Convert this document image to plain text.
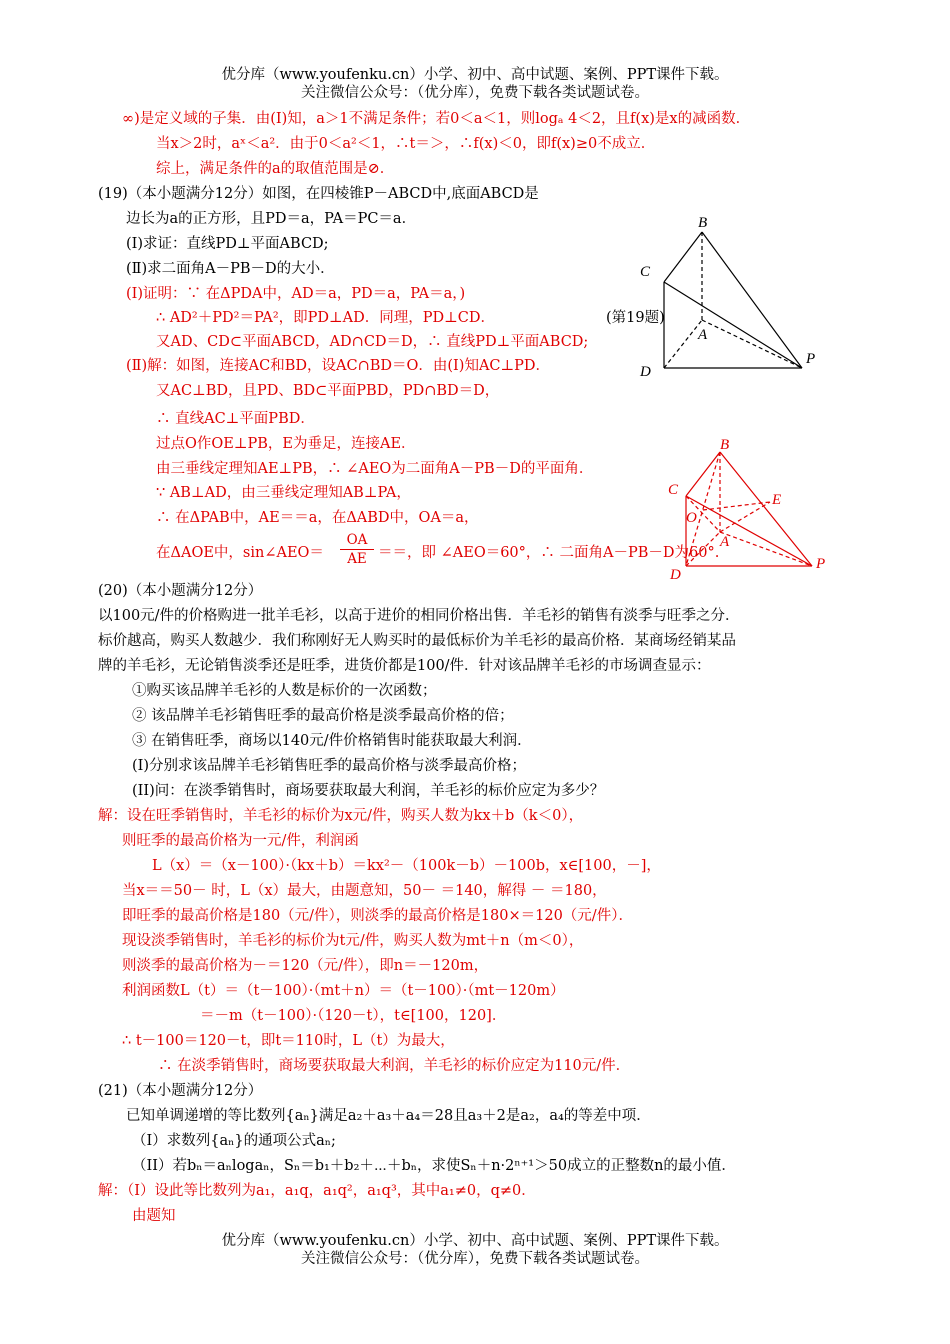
优分库（www.youfenku.cn）小学、初中、高中试题、案例、PPT课件下载。
关注微信公众号：（优分库），免费下载各类试题试卷。
∞)是定义域的子集．由(I)知，a＞1不满足条件；若0＜a＜1，则logₐ 4＜2，且f(x)是x的减函数．
当x＞2时，aˣ＜a²．由于0＜a²＜1，∴t＝＞，∴f(x)＜0，即f(x)≥0不成立．
综上，满足条件的a的取值范围是⊘．
(19)（本小题满分12分）如图，在四棱锥P－ABCD中,底面ABCD是
边长为a的正方形，且PD＝a，PA＝PC＝a．
(Ⅰ)求证：直线PD⊥平面ABCD;
(Ⅱ)求二面角A－PB－D的大小．
(Ⅰ)证明：∵ 在ΔPDA中，AD＝a，PD＝a，PA＝a，)
∴ AD²＋PD²＝PA²，即PD⊥AD．同理，PD⊥CD．	(第19题)
又AD、CD⊂平面ABCD，AD∩CD＝D，∴ 直线PD⊥平面ABCD;
(Ⅱ)解：如图，连接AC和BD，设AC∩BD＝O．由(I)知AC⊥PD．
又AC⊥BD，且PD、BD⊂平面PBD，PD∩BD＝D，
∴ 直线AC⊥平面PBD．
过点O作OE⊥PB，E为垂足，连接AE．
由三垂线定理知AE⊥PB，∴ ∠AEO为二面角A－PB－D的平面角．
∵ AB⊥AD，由三垂线定理知AB⊥PA，
∴ 在ΔPAB中，AE＝＝a，在ΔABD中，OA＝a，
在ΔAOE中，sin∠AEO＝ $\frac{OA}{AE}$ ＝＝，即 ∠AEO＝60°，∴ 二面角A－PB－D为60°.
B
C
A
D
P
B
C
E
O
A
D
P
(20)（本小题满分12分）
以100元/件的价格购进一批羊毛衫，以高于进价的相同价格出售．羊毛衫的销售有淡季与旺季之分．
标价越高，购买人数越少．我们称刚好无人购买时的最低标价为羊毛衫的最高价格．某商场经销某品
牌的羊毛衫，无论销售淡季还是旺季，进货价都是100/件．针对该品牌羊毛衫的市场调查显示：
①购买该品牌羊毛衫的人数是标价的一次函数；
② 该品牌羊毛衫销售旺季的最高价格是淡季最高价格的倍；
③ 在销售旺季，商场以140元/件价格销售时能获取最大利润．
(I)分别求该品牌羊毛衫销售旺季的最高价格与淡季最高价格；
(II)问：在淡季销售时，商场要获取最大利润，羊毛衫的标价应定为多少？
解：设在旺季销售时，羊毛衫的标价为x元/件，购买人数为kx＋b（k＜0），
则旺季的最高价格为一元/件，利润函
L（x）＝（x－100）·（kx＋b）＝kx²－（100k－b）－100b，x∈[100，－]，
当x＝＝50－ 时，L（x）最大，由题意知，50－ ＝140，解得 － ＝180，
即旺季的最高价格是180（元/件），则淡季的最高价格是180×＝120（元/件）．
现设淡季销售时，羊毛衫的标价为t元/件，购买人数为mt＋n（m＜0），
则淡季的最高价格为－＝120（元/件），即n＝－120m，
利润函数L（t）＝（t－100）·（mt＋n）＝（t－100）·（mt－120m）
＝－m（t－100）·（120－t），t∈[100，120]．
∴ t－100＝120－t，即t＝110时，L（t）为最大，
∴ 在淡季销售时，商场要获取最大利润，羊毛衫的标价应定为110元/件．
(21)（本小题满分12分）
已知单调递增的等比数列{aₙ}满足a₂＋a₃＋a₄＝28且a₃＋2是a₂，a₄的等差中项．
（I）求数列{aₙ}的通项公式aₙ;
（II）若bₙ＝aₙlogaₙ，Sₙ＝b₁＋b₂＋⋯＋bₙ，求使Sₙ＋n·2ⁿ⁺¹＞50成立的正整数n的最小值．
解：（I）设此等比数列为a₁，a₁q，a₁q²，a₁q³，其中a₁≠0，q≠0．
由题知
优分库（www.youfenku.cn）小学、初中、高中试题、案例、PPT课件下载。
关注微信公众号：（优分库），免费下载各类试题试卷。
